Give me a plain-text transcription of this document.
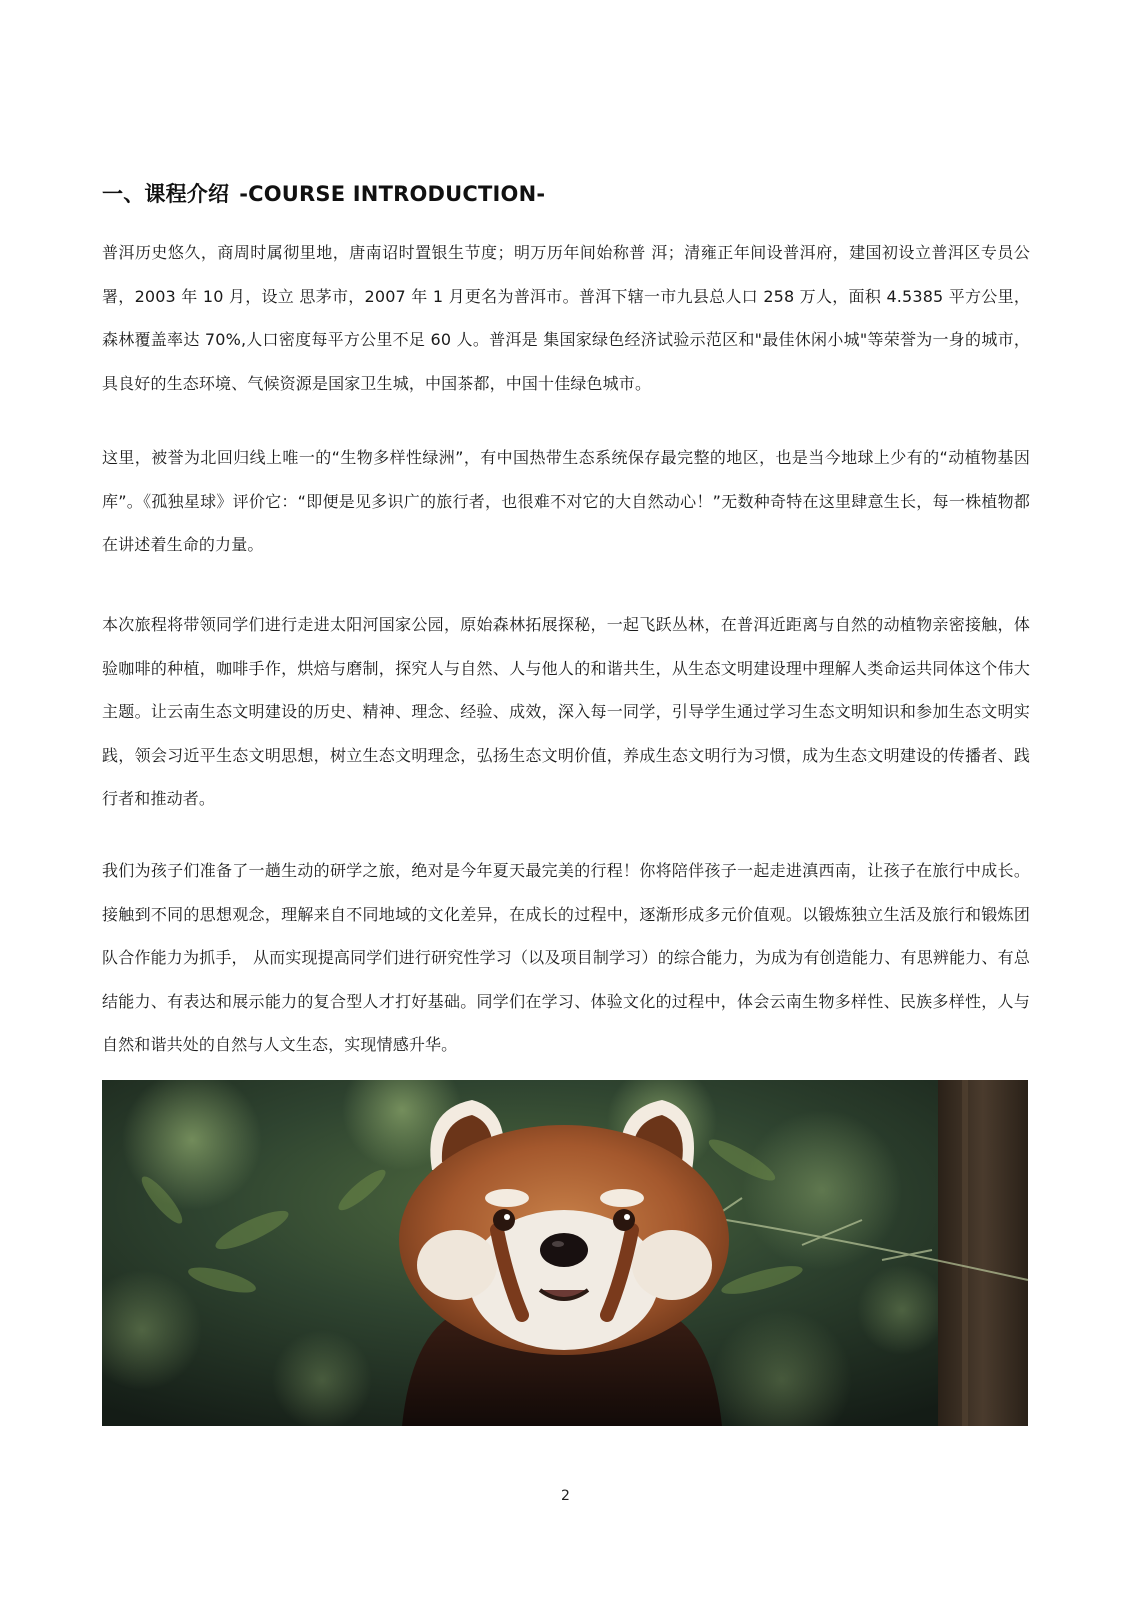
一、课程介绍 -COURSE INTRODUCTION-

普洱历史悠久，商周时属彻里地，唐南诏时置银生节度；明万历年间始称普 洱；清雍正年间设普洱府，建国初设立普洱区专员公署，2003 年 10 月，设立 思茅市，2007 年 1 月更名为普洱市。普洱下辖一市九县总人口 258 万人，面积 4.5385 平方公里，森林覆盖率达 70%,人口密度每平方公里不足 60 人。普洱是 集国家绿色经济试验示范区和"最佳休闲小城"等荣誉为一身的城市，具良好的生态环境、气候资源是国家卫生城，中国茶都，中国十佳绿色城市。

这里，被誉为北回归线上唯一的“生物多样性绿洲”，有中国热带生态系统保存最完整的地区，也是当今地球上少有的“动植物基因库”。《孤独星球》评价它：“即便是见多识广的旅行者，也很难不对它的大自然动心！”无数种奇特在这里肆意生长，每一株植物都在讲述着生命的力量。

本次旅程将带领同学们进行走进太阳河国家公园，原始森林拓展探秘，一起飞跃丛林，在普洱近距离与自然的动植物亲密接触，体验咖啡的种植，咖啡手作，烘焙与磨制，探究人与自然、人与他人的和谐共生，从生态文明建设理中理解人类命运共同体这个伟大主题。让云南生态文明建设的历史、精神、理念、经验、成效，深入每一同学，引导学生通过学习生态文明知识和参加生态文明实践，领会习近平生态文明思想，树立生态文明理念，弘扬生态文明价值，养成生态文明行为习惯，成为生态文明建设的传播者、践行者和推动者。

我们为孩子们准备了一趟生动的研学之旅，绝对是今年夏天最完美的行程！你将陪伴孩子一起走进滇西南，让孩子在旅行中成长。接触到不同的思想观念，理解来自不同地域的文化差异，在成长的过程中，逐渐形成多元价值观。以锻炼独立生活及旅行和锻炼团队合作能力为抓手， 从而实现提高同学们进行研究性学习（以及项目制学习）的综合能力，为成为有创造能力、有思辨能力、有总结能力、有表达和展示能力的复合型人才打好基础。同学们在学习、体验文化的过程中，体会云南生物多样性、民族多样性，人与自然和谐共处的自然与人文生态，实现情感升华。

2
